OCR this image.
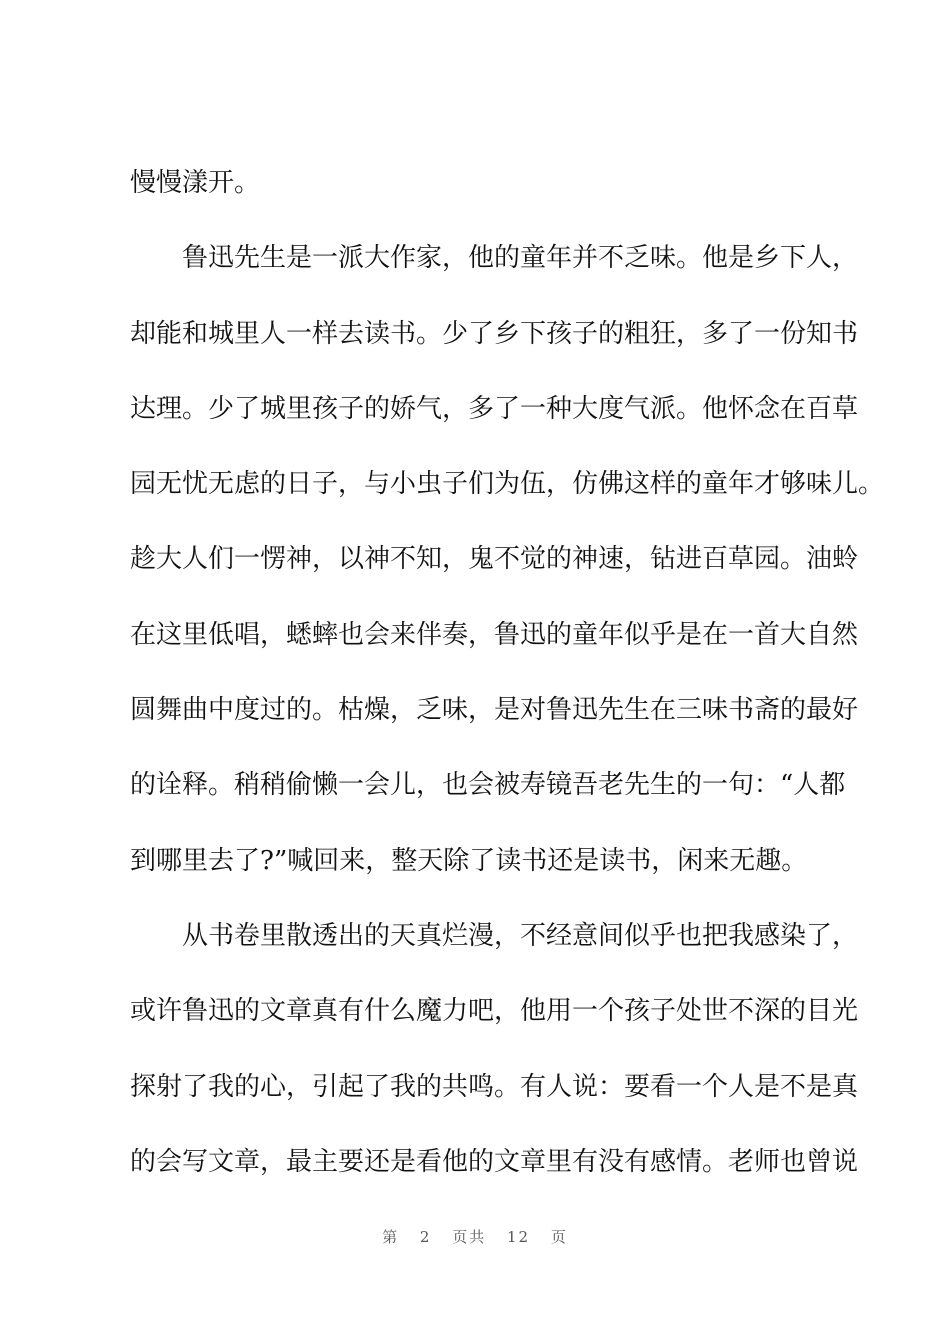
慢慢漾开。
鲁迅先生是一派大作家，他的童年并不乏味。他是乡下人，
却能和城里人一样去读书。少了乡下孩子的粗狂，多了一份知书
达理。少了城里孩子的娇气，多了一种大度气派。他怀念在百草
园无忧无虑的日子，与小虫子们为伍，仿佛这样的童年才够味儿。
趁大人们一愣神，以神不知，鬼不觉的神速，钻进百草园。油蛉
在这里低唱，蟋蟀也会来伴奏，鲁迅的童年似乎是在一首大自然
圆舞曲中度过的。枯燥，乏味，是对鲁迅先生在三味书斋的最好
的诠释。稍稍偷懒一会儿，也会被寿镜吾老先生的一句：“人都
到哪里去了?”喊回来，整天除了读书还是读书，闲来无趣。
从书卷里散透出的天真烂漫，不经意间似乎也把我感染了，
或许鲁迅的文章真有什么魔力吧，他用一个孩子处世不深的目光
探射了我的心，引起了我的共鸣。有人说：要看一个人是不是真
的会写文章，最主要还是看他的文章里有没有感情。老师也曾说
第 2 页共 12 页
